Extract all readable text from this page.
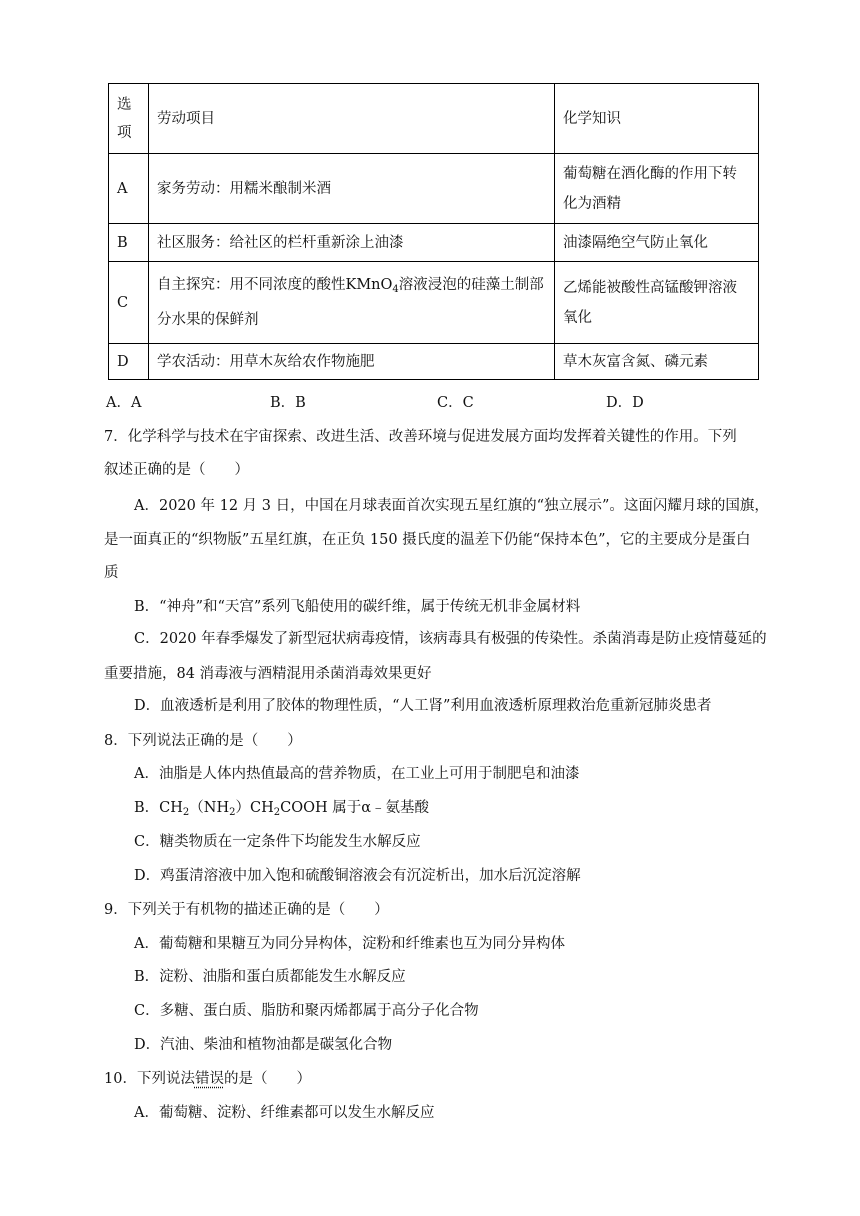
选项	劳动项目	化学知识
A	家务劳动：用糯米酿制米酒	葡萄糖在酒化酶的作用下转化为酒精
B	社区服务：给社区的栏杆重新涂上油漆	油漆隔绝空气防止氧化
C	自主探究：用不同浓度的酸性KMnO$_4$溶液浸泡的硅藻土制部分水果的保鲜剂	乙烯能被酸性高锰酸钾溶液氧化
D	学农活动：用草木灰给农作物施肥	草木灰富含氮、磷元素
A．A	B．B	C．C	D．D
7．化学科学与技术在宇宙探索、改进生活、改善环境与促进发展方面均发挥着关键性的作用。下列
叙述正确的是（　　）
A．2020 年 12 月 3 日，中国在月球表面首次实现五星红旗的“独立展示”。这面闪耀月球的国旗，
是一面真正的“织物版”五星红旗，在正负 150 摄氏度的温差下仍能“保持本色”，它的主要成分是蛋白
质
B．“神舟”和“天宫”系列飞船使用的碳纤维，属于传统无机非金属材料
C．2020 年春季爆发了新型冠状病毒疫情，该病毒具有极强的传染性。杀菌消毒是防止疫情蔓延的
重要措施，84 消毒液与酒精混用杀菌消毒效果更好
D．血液透析是利用了胶体的物理性质，“人工肾”利用血液透析原理救治危重新冠肺炎患者
8．下列说法正确的是（　　）
A．油脂是人体内热值最高的营养物质，在工业上可用于制肥皂和油漆
B．$CH_2(NH_2)CH_2COOH$ 属于α﹣氨基酸
C．糖类物质在一定条件下均能发生水解反应
D．鸡蛋清溶液中加入饱和硫酸铜溶液会有沉淀析出，加水后沉淀溶解
9．下列关于有机物的描述正确的是（　　）
A．葡萄糖和果糖互为同分异构体，淀粉和纤维素也互为同分异构体
B．淀粉、油脂和蛋白质都能发生水解反应
C．多糖、蛋白质、脂肪和聚丙烯都属于高分子化合物
D．汽油、柴油和植物油都是碳氢化合物
10．下列说法错误的是（　　）
A．葡萄糖、淀粉、纤维素都可以发生水解反应
